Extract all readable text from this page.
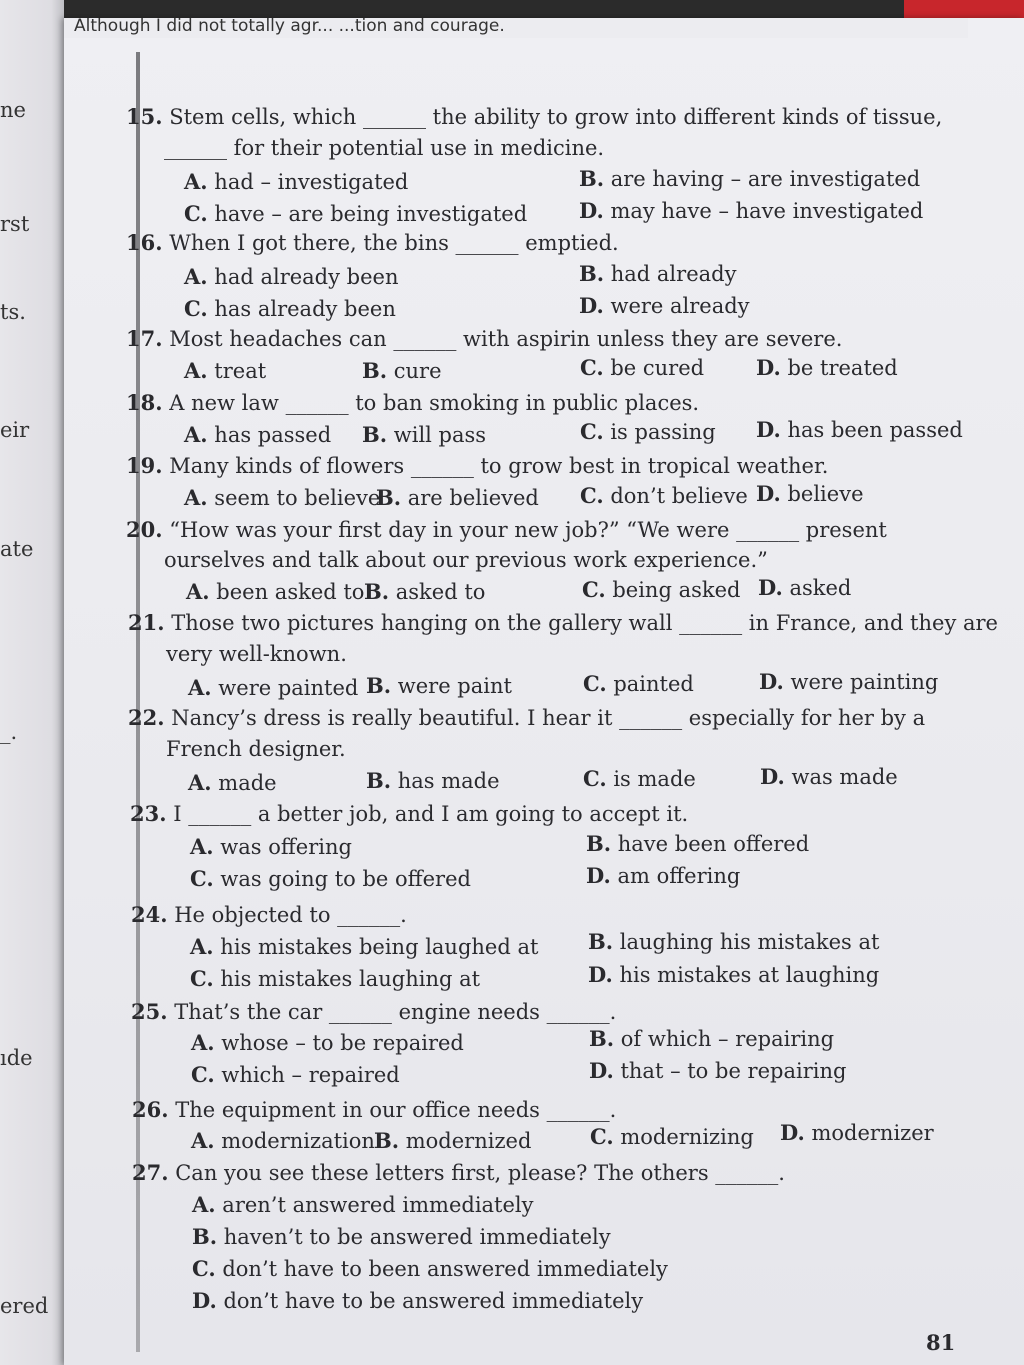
ne
rst
ts.
eir
ate
_.
ıde
ered
15. Stem cells, which ______ the ability to grow into different kinds of tissue,
______ for their potential use in medicine.
A. had – investigated	B. are having – are investigated
C. have – are being investigated D. may have – have investigated
16. When I got there, the bins ______ emptied.
A. had already been	B. had already
C. has already been	D. were already
17. Most headaches can ______ with aspirin unless they are severe.
A. treat	B. cure	C. be cured D. be treated
18. A new law ______ to ban smoking in public places.
A. has passed B. will pass	C. is passing D. has been passed
19. Many kinds of flowers ______ to grow best in tropical weather.
A. seem to believe
B. are believed C. don’t believe D. believe
20. “How was your first day in your new job?” “We were ______ present
ourselves and talk about our previous work experience.”
A. been asked to B. asked to	C. being asked D. asked
21. Those two pictures hanging on the gallery wall ______ in France, and they are
very well-known.
A. were painted B. were paint	C. painted	D. were painting
22. Nancy’s dress is really beautiful. I hear it ______ especially for her by a
French designer.
A. made	B. has made	C. is made	D. was made
23. I ______ a better job, and I am going to accept it.
A. was offering	B. have been offered
C. was going to be offered	D. am offering
24. He objected to ______.
A. his mistakes being laughed at B. laughing his mistakes at
C. his mistakes laughing at	D. his mistakes at laughing
25. That’s the car ______ engine needs ______.
A. whose – to be repaired	B. of which – repairing
C. which – repaired	D. that – to be repairing
26. The equipment in our office needs ______.
A. modernization B. modernized	C. modernizing D. modernizer
27. Can you see these letters first, please? The others ______.
A. aren’t answered immediately
B. haven’t to be answered immediately
C. don’t have to been answered immediately
D. don’t have to be answered immediately
81
Although I did not totally agr... ...tion and courage.
